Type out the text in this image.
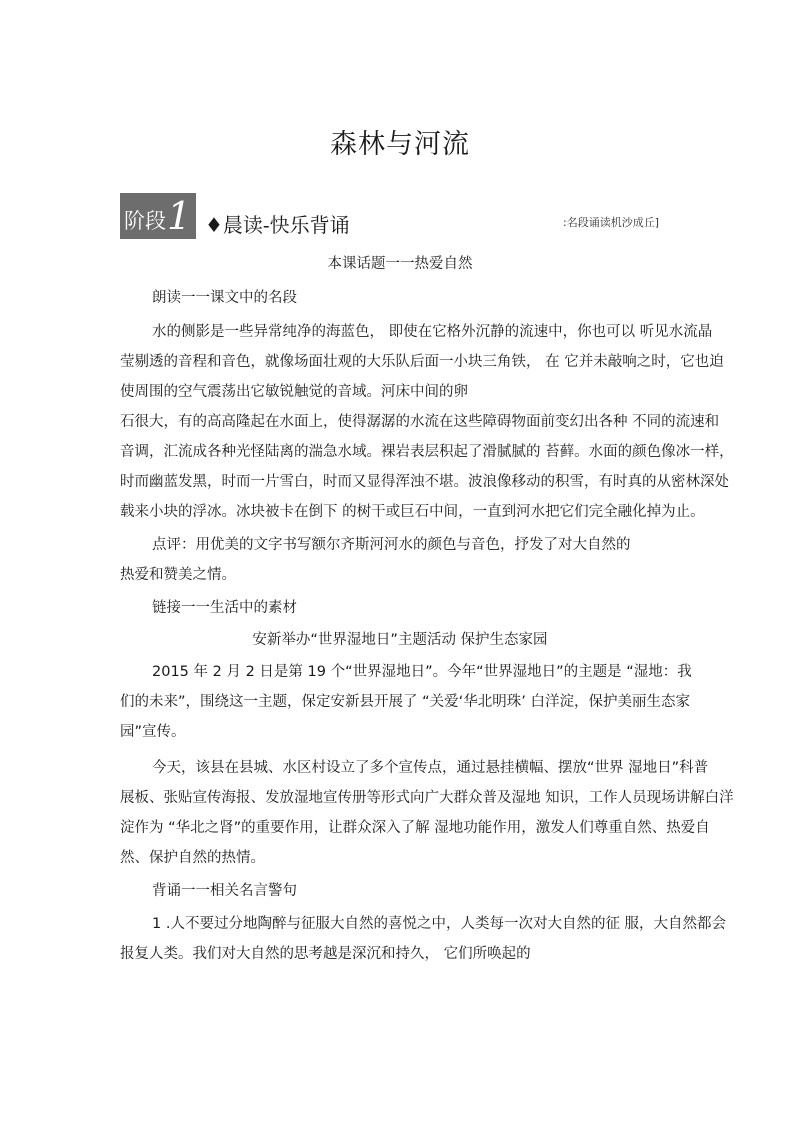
森林与河流
阶段 1 ♦晨读-快乐背诵	:名段诵读机沙成丘]
本课话题一一热爱自然
朗读一一课文中的名段
水的侧影是一些异常纯净的海蓝色， 即使在它格外沉静的流速中，你也可以 听见水流晶
莹剔透的音程和音色，就像场面壮观的大乐队后面一小块三角铁， 在 它并未敲响之时，它也迫
使周围的空气震荡出它敏锐触觉的音域。河床中间的卵
石很大，有的高高隆起在水面上，使得潺潺的水流在这些障碍物面前变幻出各种 不同的流速和
音调，汇流成各种光怪陆离的湍急水域。裸岩表层积起了滑腻腻的 苔藓。水面的颜色像冰一样，
时而幽蓝发黑，时而一片雪白，时而又显得浑浊不堪。波浪像移动的积雪，有时真的从密林深处
载来小块的浮冰。冰块被卡在倒下 的树干或巨石中间，一直到河水把它们完全融化掉为止。
点评：用优美的文字书写额尔齐斯河河水的颜色与音色，抒发了对大自然的
热爱和赞美之情。
链接一一生活中的素材
安新举办“世界湿地日”主题活动 保护生态家园
2015 年 2 月 2 日是第 19 个“世界湿地日”。今年“世界湿地日”的主题是 “湿地：我
们的未来”，围绕这一主题，保定安新县开展了 “关爱‘华北明珠’ 白洋淀，保护美丽生态家
园”宣传。
今天，该县在县城、水区村设立了多个宣传点，通过悬挂横幅、摆放“世界 湿地日”科普
展板、张贴宣传海报、发放湿地宣传册等形式向广大群众普及湿地 知识，工作人员现场讲解白洋
淀作为 “华北之肾”的重要作用，让群众深入了解 湿地功能作用，激发人们尊重自然、热爱自
然、保护自然的热情。
背诵一一相关名言警句
1 .人不要过分地陶醉与征服大自然的喜悦之中，人类每一次对大自然的征 服，大自然都会
报复人类。我们对大自然的思考越是深沉和持久， 它们所唤起的
